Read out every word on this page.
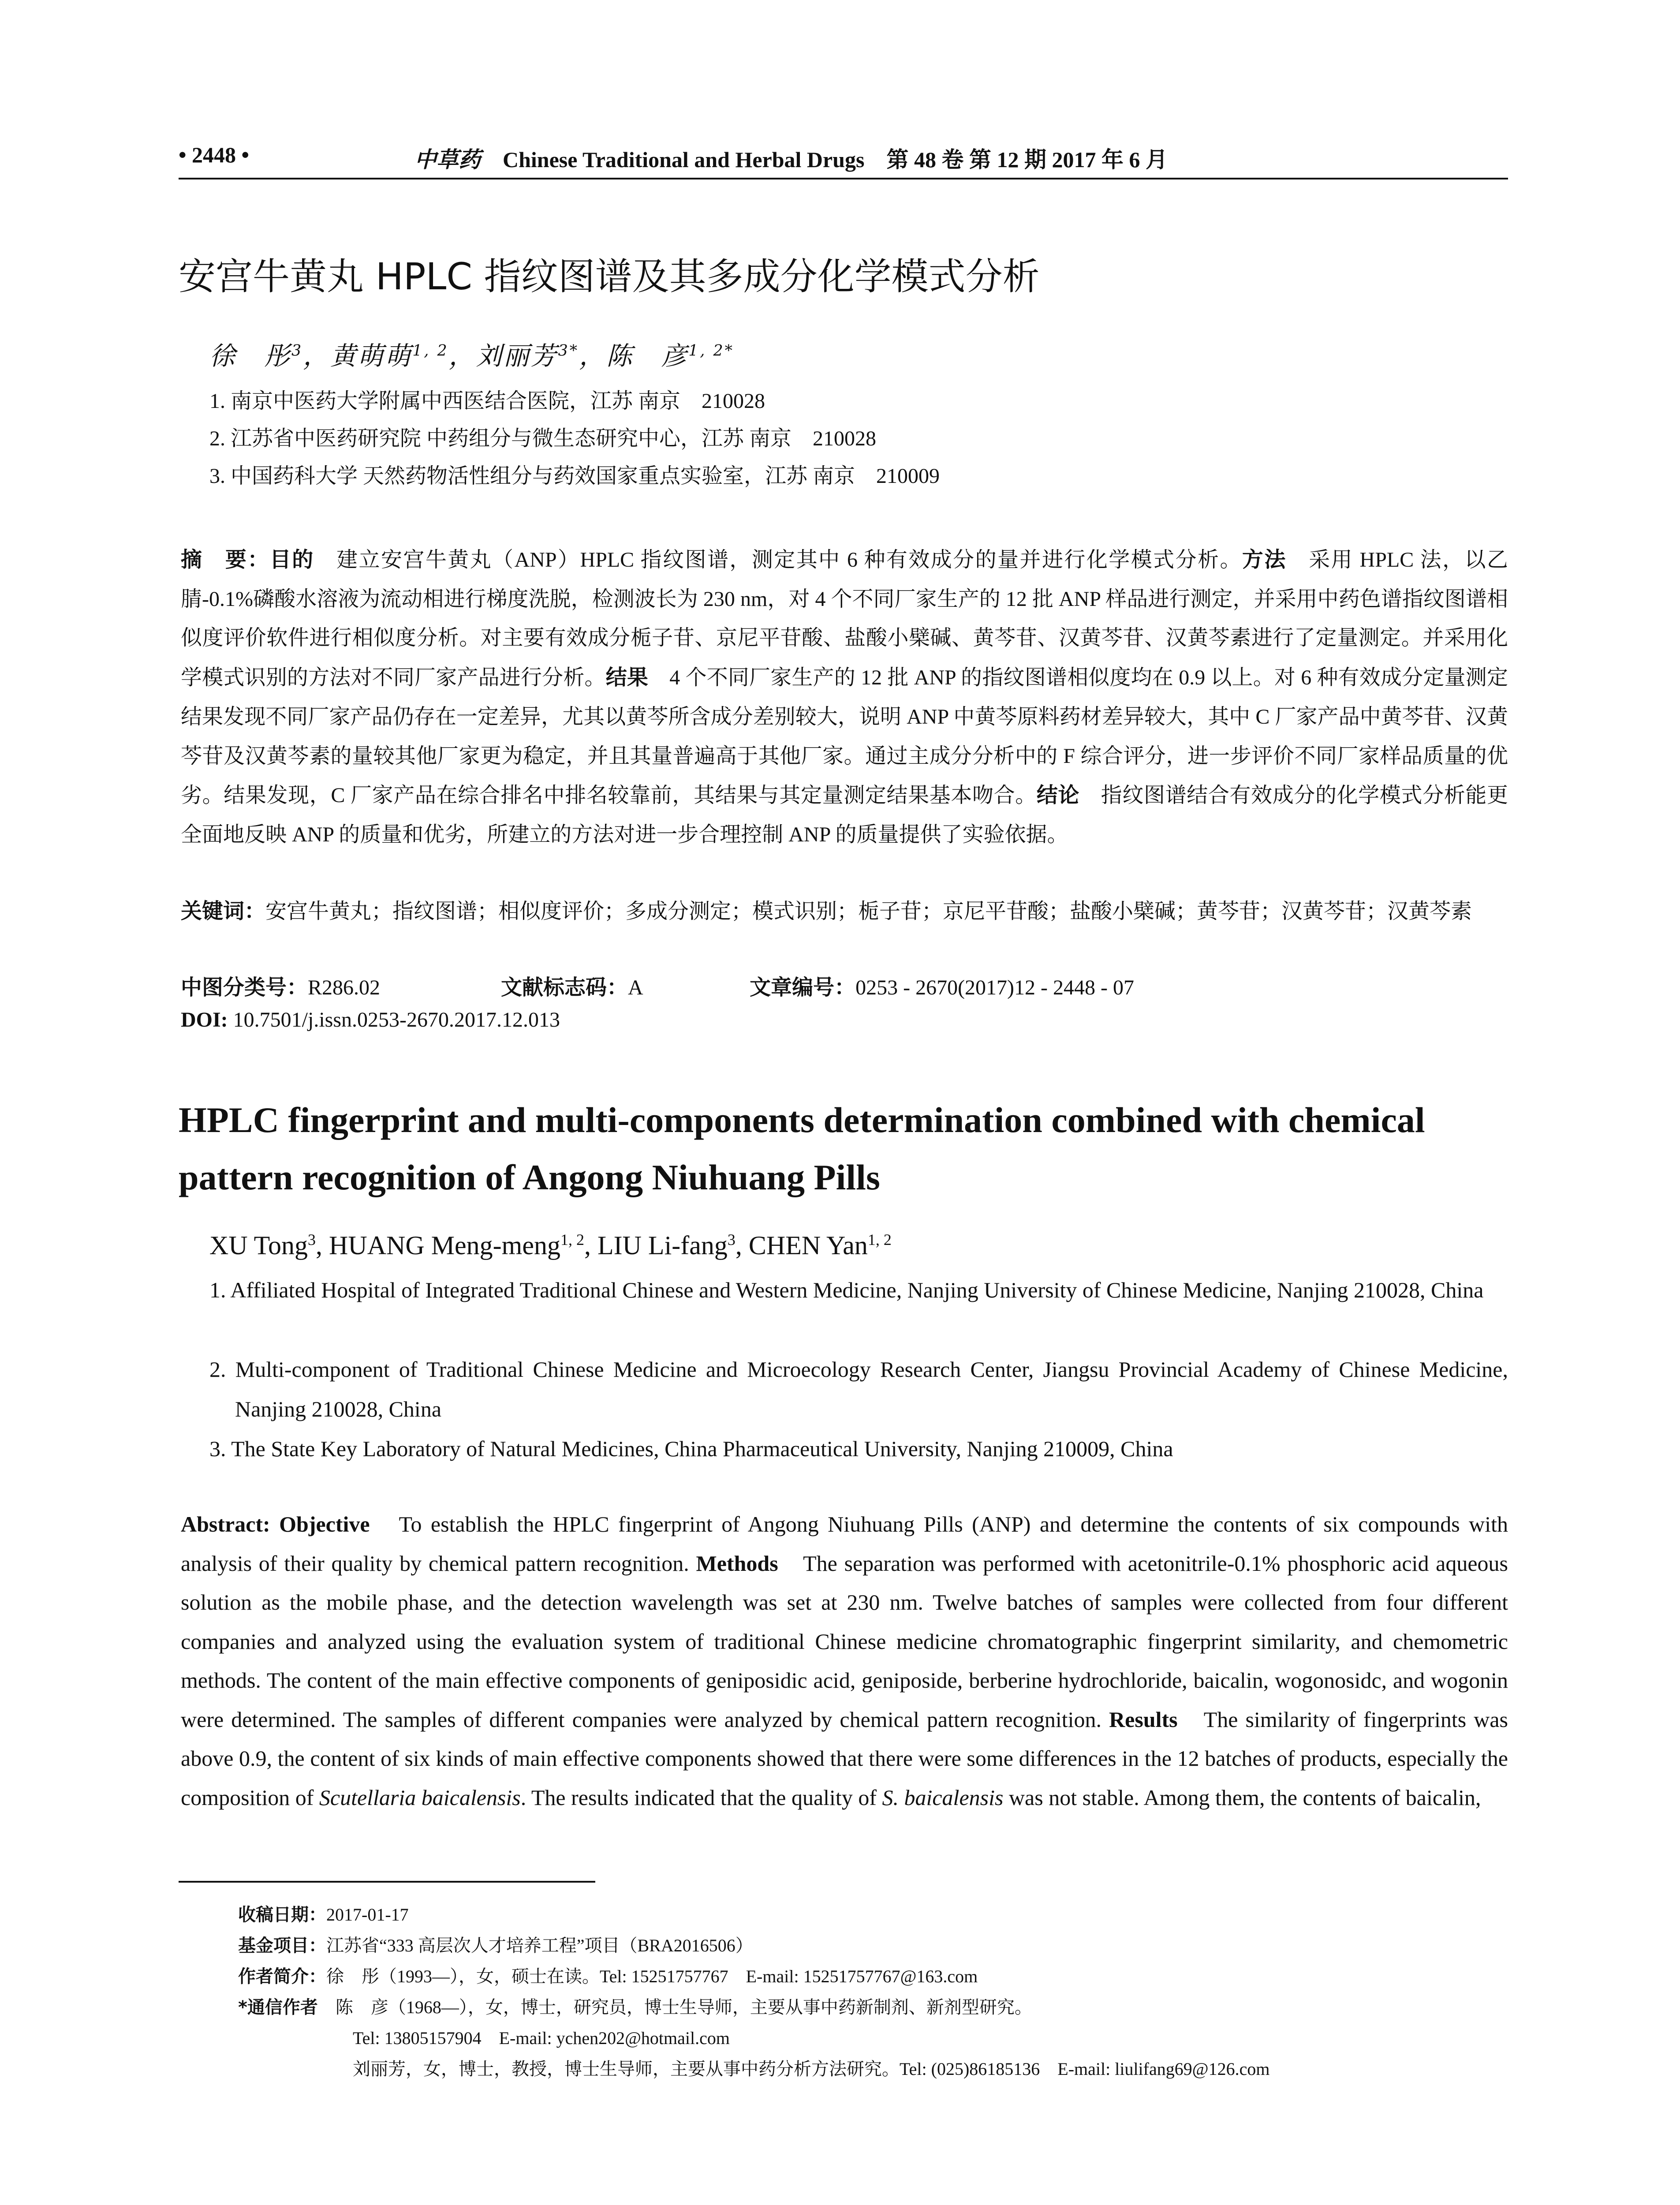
• 2448 •	中草药 Chinese Traditional and Herbal Drugs　第 48 卷 第 12 期 2017 年 6 月
安宫牛黄丸 HPLC 指纹图谱及其多成分化学模式分析
徐　彤$^3$，黄萌萌$^{1, 2}$，刘丽芳$^{3*}$，陈　彦$^{1, 2*}$
1. 南京中医药大学附属中西医结合医院，江苏 南京　210028
2. 江苏省中医药研究院 中药组分与微生态研究中心，江苏 南京　210028
3. 中国药科大学 天然药物活性组分与药效国家重点实验室，江苏 南京　210009
摘　要：目的　建立安宫牛黄丸（ANP）HPLC 指纹图谱，测定其中 6 种有效成分的量并进行化学模式分析。方法　采用 HPLC 法，以乙腈-0.1%磷酸水溶液为流动相进行梯度洗脱，检测波长为 230 nm，对 4 个不同厂家生产的 12 批 ANP 样品进行测定，并采用中药色谱指纹图谱相似度评价软件进行相似度分析。对主要有效成分栀子苷、京尼平苷酸、盐酸小檗碱、黄芩苷、汉黄芩苷、汉黄芩素进行了定量测定。并采用化学模式识别的方法对不同厂家产品进行分析。结果　4 个不同厂家生产的 12 批 ANP 的指纹图谱相似度均在 0.9 以上。对 6 种有效成分定量测定结果发现不同厂家产品仍存在一定差异，尤其以黄芩所含成分差别较大，说明 ANP 中黄芩原料药材差异较大，其中 C 厂家产品中黄芩苷、汉黄芩苷及汉黄芩素的量较其他厂家更为稳定，并且其量普遍高于其他厂家。通过主成分分析中的 F 综合评分，进一步评价不同厂家样品质量的优劣。结果发现，C 厂家产品在综合排名中排名较靠前，其结果与其定量测定结果基本吻合。结论　指纹图谱结合有效成分的化学模式分析能更全面地反映 ANP 的质量和优劣，所建立的方法对进一步合理控制 ANP 的质量提供了实验依据。
关键词：安宫牛黄丸；指纹图谱；相似度评价；多成分测定；模式识别；栀子苷；京尼平苷酸；盐酸小檗碱；黄芩苷；汉黄芩苷；汉黄芩素
中图分类号：R286.02	文献标志码：A	文章编号：0253 - 2670(2017)12 - 2448 - 07
DOI: 10.7501/j.issn.0253-2670.2017.12.013
HPLC fingerprint and multi-components determination combined with chemical pattern recognition of Angong Niuhuang Pills
XU Tong$^3$, HUANG Meng-meng$^{1, 2}$, LIU Li-fang$^3$, CHEN Yan$^{1, 2}$
1. Affiliated Hospital of Integrated Traditional Chinese and Western Medicine, Nanjing University of Chinese Medicine, Nanjing 210028, China
2. Multi-component of Traditional Chinese Medicine and Microecology Research Center, Jiangsu Provincial Academy of Chinese Medicine, Nanjing 210028, China
3. The State Key Laboratory of Natural Medicines, China Pharmaceutical University, Nanjing 210009, China
Abstract: Objective　To establish the HPLC fingerprint of Angong Niuhuang Pills (ANP) and determine the contents of six compounds with analysis of their quality by chemical pattern recognition. Methods　The separation was performed with acetonitrile-0.1% phosphoric acid aqueous solution as the mobile phase, and the detection wavelength was set at 230 nm. Twelve batches of samples were collected from four different companies and analyzed using the evaluation system of traditional Chinese medicine chromatographic fingerprint similarity, and chemometric methods. The content of the main effective components of geniposidic acid, geniposide, berberine hydrochloride, baicalin, wogonosidc, and wogonin were determined. The samples of different companies were analyzed by chemical pattern recognition. Results　The similarity of fingerprints was above 0.9, the content of six kinds of main effective components showed that there were some differences in the 12 batches of products, especially the composition of Scutellaria baicalensis. The results indicated that the quality of S. baicalensis was not stable. Among them, the contents of baicalin,
收稿日期：2017-01-17
基金项目：江苏省“333 高层次人才培养工程”项目（BRA2016506）
作者简介：徐　彤（1993—），女，硕士在读。Tel: 15251757767　E-mail: 15251757767@163.com
*通信作者　陈　彦（1968—），女，博士，研究员，博士生导师，主要从事中药新制剂、新剂型研究。
Tel: 13805157904　E-mail: ychen202@hotmail.com
刘丽芳，女，博士，教授，博士生导师，主要从事中药分析方法研究。Tel: (025)86185136　E-mail: liulifang69@126.com
